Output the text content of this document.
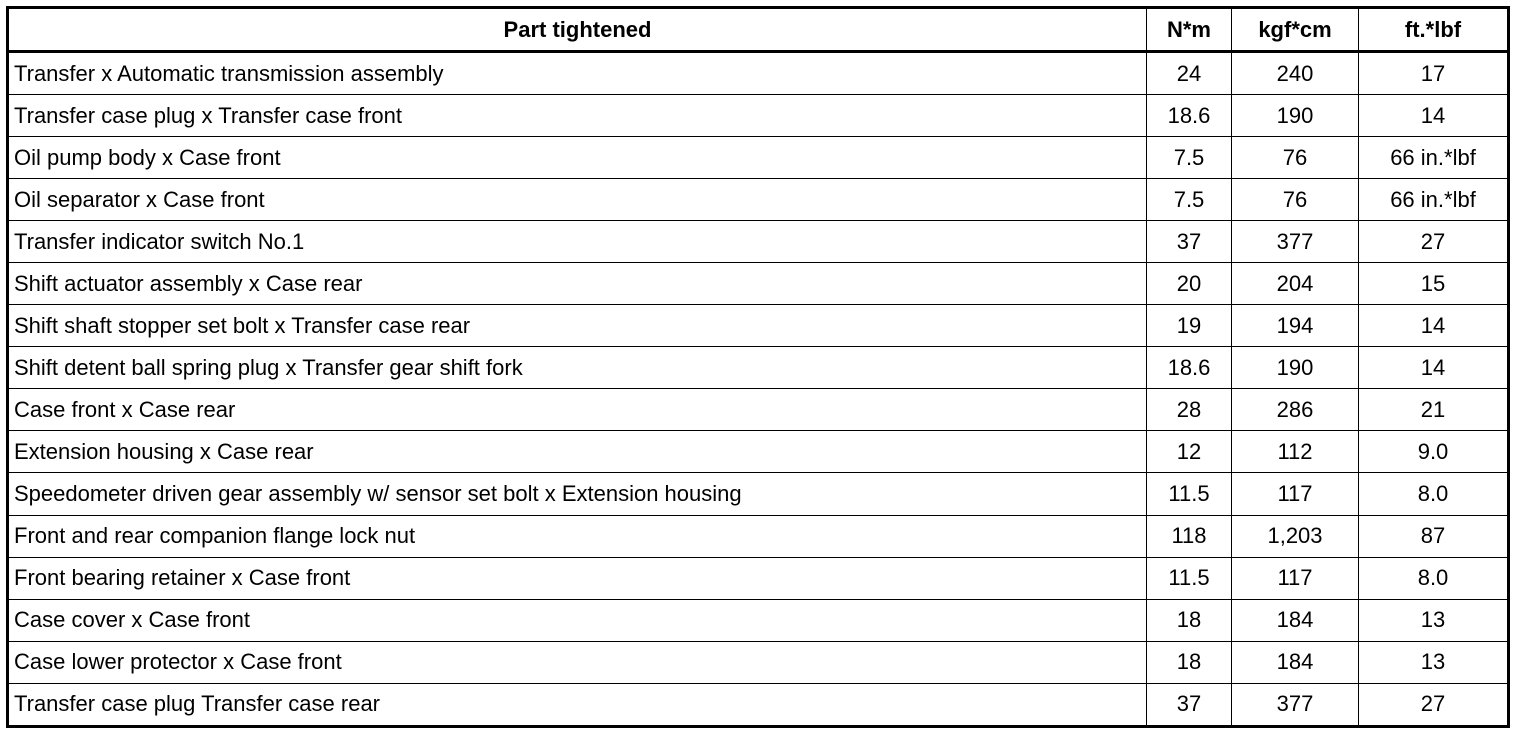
Part tightened	N*m	kgf*cm	ft.*lbf
Transfer x Automatic transmission assembly	24	240	17
Transfer case plug x Transfer case front	18.6	190	14
Oil pump body x Case front	7.5	76	66 in.*lbf
Oil separator x Case front	7.5	76	66 in.*lbf
Transfer indicator switch No.1	37	377	27
Shift actuator assembly x Case rear	20	204	15
Shift shaft stopper set bolt x Transfer case rear	19	194	14
Shift detent ball spring plug x Transfer gear shift fork	18.6	190	14
Case front x Case rear	28	286	21
Extension housing x Case rear	12	112	9.0
Speedometer driven gear assembly w/ sensor set bolt x Extension housing	11.5	117	8.0
Front and rear companion flange lock nut	118	1,203	87
Front bearing retainer x Case front	11.5	117	8.0
Case cover x Case front	18	184	13
Case lower protector x Case front	18	184	13
Transfer case plug Transfer case rear	37	377	27
